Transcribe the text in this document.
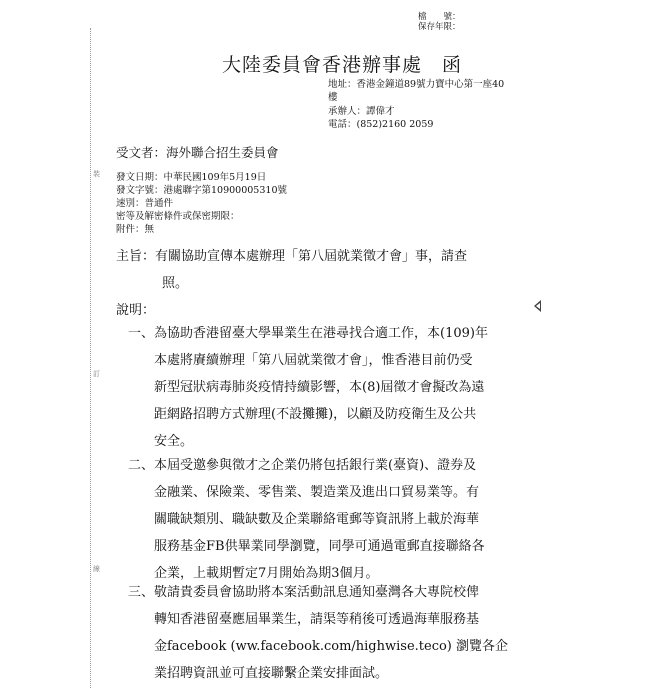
裝
訂
線
檔　　號：
保存年限：
大陸委員會香港辦事處　函
地址：香港金鐘道89號力寶中心第一座40
樓
承辦人：譚偉才
電話：(852)2160 2059
受文者：海外聯合招生委員會
發文日期：中華民國109年5月19日
發文字號：港處聯字第10900005310號
速別：普通件
密等及解密條件或保密期限：
附件：無
主旨：有關協助宣傳本處辦理「第八屆就業徵才會」事，請查
照。
說明：
一、為協助香港留臺大學畢業生在港尋找合適工作，本(109)年
本處將賡續辦理「第八屆就業徵才會」，惟香港目前仍受
新型冠狀病毒肺炎疫情持續影響，本(8)屆徵才會擬改為遠
距網路招聘方式辦理(不設攤攤)，以顧及防疫衛生及公共
安全。
二、本屆受邀參與徵才之企業仍將包括銀行業(臺資)、證券及
金融業、保險業、零售業、製造業及進出口貿易業等。有
關職缺類別、職缺數及企業聯絡電郵等資訊將上載於海華
服務基金FB供畢業同學瀏覽，同學可通過電郵直接聯絡各
企業，上載期暫定7月開始為期3個月。
三、敬請貴委員會協助將本案活動訊息通知臺灣各大專院校俾
轉知香港留臺應屆畢業生，請渠等稍後可透過海華服務基
金facebook (ww.facebook.com/highwise.teco) 瀏覽各企
業招聘資訊並可直接聯繫企業安排面試。
